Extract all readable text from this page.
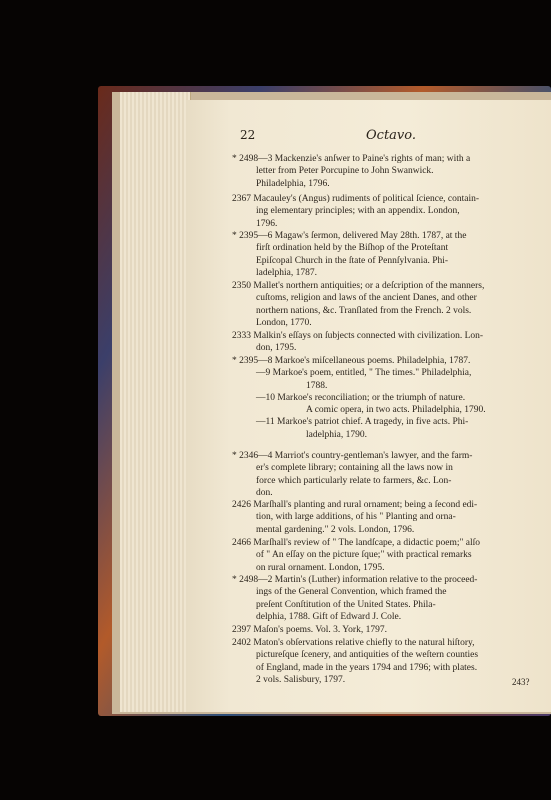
22	Octavo.
* 2498—3 Mackenzie's anſwer to Paine's rights of man; with a
letter from Peter Porcupine to John Swanwick.
Philadelphia, 1796.
2367 Macauley's (Angus) rudiments of political ſcience, contain-
ing elementary principles; with an appendix. London,
1796.
* 2395—6 Magaw's ſermon, delivered May 28th. 1787, at the
firſt ordination held by the Biſhop of the Proteſtant
Epiſcopal Church in the ſtate of Pennſylvania. Phi-
ladelphia, 1787.
2350 Mallet's northern antiquities; or a deſcription of the manners,
cuſtoms, religion and laws of the ancient Danes, and other
northern nations, &c. Tranſlated from the French. 2 vols.
London, 1770.
2333 Malkin's eſſays on ſubjects connected with civilization. Lon-
don, 1795.
* 2395—8 Markoe's miſcellaneous poems. Philadelphia, 1787.
—9 Markoe's poem, entitled, " The times." Philadelphia,
1788.
—10 Markoe's reconciliation; or the triumph of nature.
A comic opera, in two acts. Philadelphia, 1790.
—11 Markoe's patriot chief. A tragedy, in five acts. Phi-
ladelphia, 1790.
* 2346—4 Marriot's country-gentleman's lawyer, and the farm-
er's complete library; containing all the laws now in
force which particularly relate to farmers, &c. Lon-
don.
2426 Marſhall's planting and rural ornament; being a ſecond edi-
tion, with large additions, of his " Planting and orna-
mental gardening." 2 vols. London, 1796.
2466 Marſhall's review of " The landſcape, a didactic poem;" alſo
of " An eſſay on the picture ſque;" with practical remarks
on rural ornament. London, 1795.
* 2498—2 Martin's (Luther) information relative to the proceed-
ings of the General Convention, which framed the
preſent Conſtitution of the United States. Phila-
delphia, 1788. Gift of Edward J. Cole.
2397 Maſon's poems. Vol. 3. York, 1797.
2402 Maton's obſervations relative chiefly to the natural hiſtory,
pictureſque ſcenery, and antiquities of the weſtern counties
of England, made in the years 1794 and 1796; with plates.
2 vols. Salisbury, 1797.	243?
